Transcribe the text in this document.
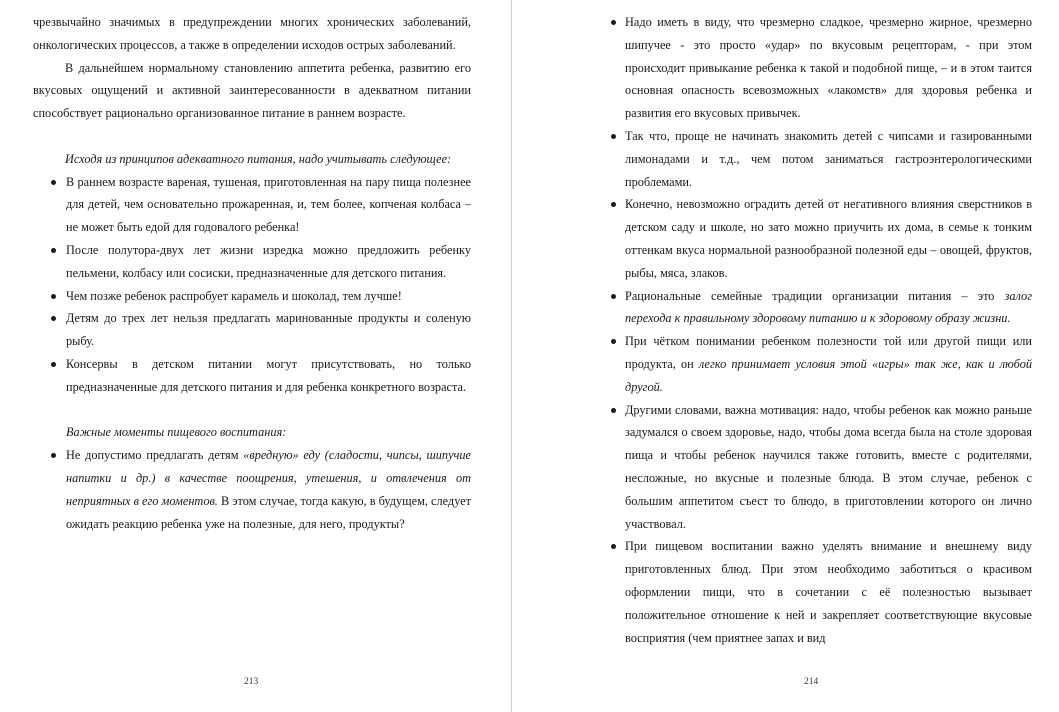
чрезвычайно значимых в предупреждении многих хронических заболеваний, онкологических процессов, а также в определении исходов острых заболеваний.

В дальнейшем нормальному становлению аппетита ребенка, развитию его вкусовых ощущений и активной заинтересованности в адекватном питании способствует рационально организованное питание в раннем возрасте.

Исходя из принципов адекватного питания, надо учитывать следующее:

В раннем возрасте вареная, тушеная, приготовленная на пару пища полезнее для детей, чем основательно прожаренная, и, тем более, копченая колбаса – не может быть едой для годовалого ребенка!
После полутора-двух лет жизни изредка можно предложить ребенку пельмени, колбасу или сосиски, предназначенные для детского питания.
Чем позже ребенок распробует карамель и шоколад, тем лучше!
Детям до трех лет нельзя предлагать маринованные продукты и соленую рыбу.
Консервы в детском питании могут присутствовать, но только предназначенные для детского питания и для ребенка конкретного возраста.

Важные моменты пищевого воспитания:

Не допустимо предлагать детям «вредную» еду (сладости, чипсы, шипучие напитки и др.) в качестве поощрения, утешения, и отвлечения от неприятных в его моментов. В этом случае, тогда какую, в будущем, следует ожидать реакцию ребенка уже на полезные, для него, продукты?
213
Надо иметь в виду, что чрезмерно сладкое, чрезмерно жирное, чрезмерно шипучее - это просто «удар» по вкусовым рецепторам, - при этом происходит привыкание ребенка к такой и подобной пище, – и в этом таится основная опасность всевозможных «лакомств» для здоровья ребенка и развития его вкусовых привычек.
Так что, проще не начинать знакомить детей с чипсами и газированными лимонадами и т.д., чем потом заниматься гастроэнтерологическими проблемами.
Конечно, невозможно оградить детей от негативного влияния сверстников в детском саду и школе, но зато можно приучить их дома, в семье к тонким оттенкам вкуса нормальной разнообразной полезной еды – овощей, фруктов, рыбы, мяса, злаков.
Рациональные семейные традиции организации питания – это залог перехода к правильному здоровому питанию и к здоровому образу жизни.
При чётком понимании ребенком полезности той или другой пищи или продукта, он легко принимает условия этой «игры» так же, как и любой другой.
Другими словами, важна мотивация: надо, чтобы ребенок как можно раньше задумался о своем здоровье, надо, чтобы дома всегда была на столе здоровая пища и чтобы ребенок научился также готовить, вместе с родителями, несложные, но вкусные и полезные блюда. В этом случае, ребенок с большим аппетитом съест то блюдо, в приготовлении которого он лично участвовал.
При пищевом воспитании важно уделять внимание и внешнему виду приготовленных блюд. При этом необходимо заботиться о красивом оформлении пищи, что в сочетании с её полезностью вызывает положительное отношение к ней и закрепляет соответствующие вкусовые восприятия (чем приятнее запах и вид
214
